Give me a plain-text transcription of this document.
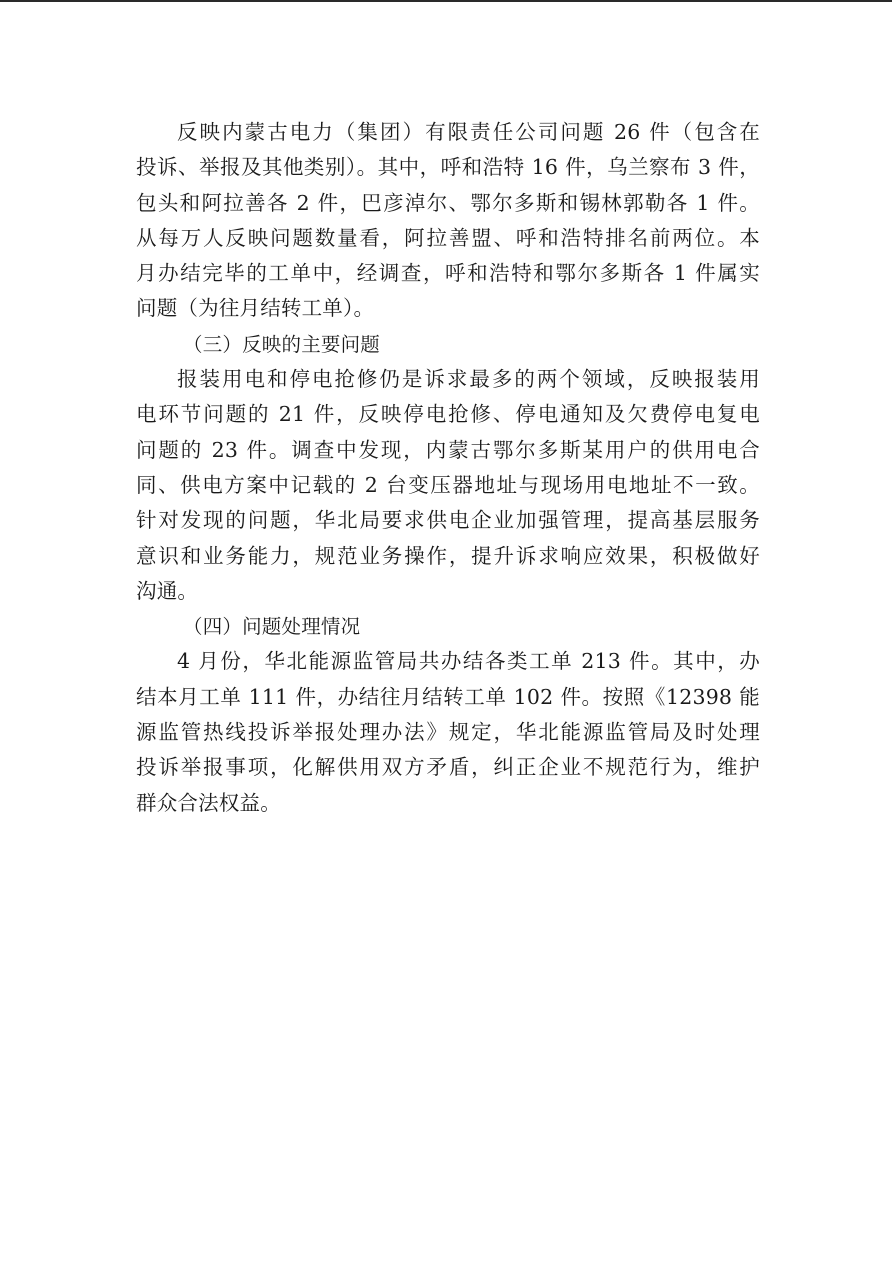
反映内蒙古电力（集团）有限责任公司问题 26 件（包含在
投诉、举报及其他类别）。其中，呼和浩特 16 件，乌兰察布 3 件，
包头和阿拉善各 2 件，巴彦淖尔、鄂尔多斯和锡林郭勒各 1 件。
从每万人反映问题数量看，阿拉善盟、呼和浩特排名前两位。本
月办结完毕的工单中，经调查，呼和浩特和鄂尔多斯各 1 件属实
问题（为往月结转工单）。
（三）反映的主要问题
报装用电和停电抢修仍是诉求最多的两个领域，反映报装用
电环节问题的 21 件，反映停电抢修、停电通知及欠费停电复电
问题的 23 件。调查中发现，内蒙古鄂尔多斯某用户的供用电合
同、供电方案中记载的 2 台变压器地址与现场用电地址不一致。
针对发现的问题，华北局要求供电企业加强管理，提高基层服务
意识和业务能力，规范业务操作，提升诉求响应效果，积极做好
沟通。
（四）问题处理情况
4 月份，华北能源监管局共办结各类工单 213 件。其中，办
结本月工单 111 件，办结往月结转工单 102 件。按照《12398 能
源监管热线投诉举报处理办法》规定，华北能源监管局及时处理
投诉举报事项，化解供用双方矛盾，纠正企业不规范行为，维护
群众合法权益。
